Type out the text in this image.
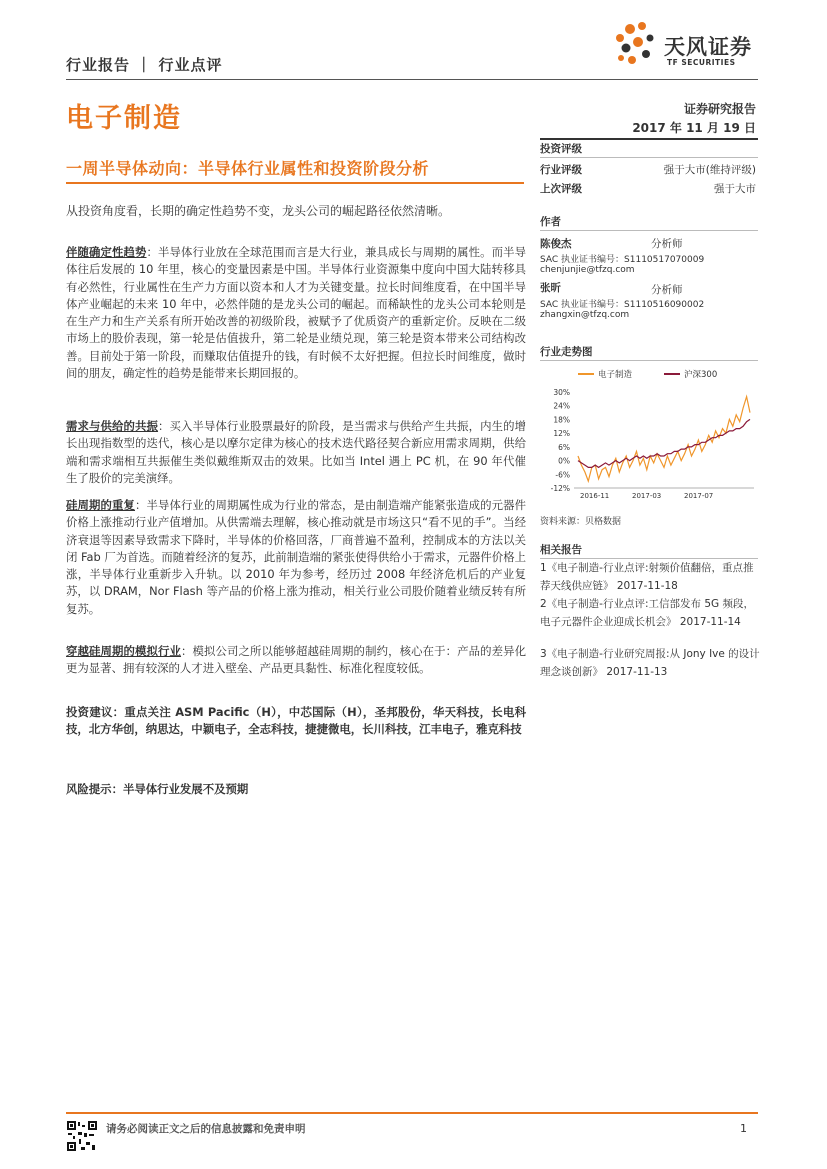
行业报告 ｜ 行业点评
天风证券
TF SECURITIES
电子制造	证券研究报告
2017 年 11 月 19 日
一周半导体动向：半导体行业属性和投资阶段分析
从投资角度看，长期的确定性趋势不变，龙头公司的崛起路径依然清晰。
伴随确定性趋势：半导体行业放在全球范围而言是大行业，兼具成长与周期的属性。而半导体往后发展的 10 年里，核心的变量因素是中国。半导体行业资源集中度向中国大陆转移具有必然性，行业属性在生产力方面以资本和人才为关键变量。拉长时间维度看，在中国半导体产业崛起的未来 10 年中，必然伴随的是龙头公司的崛起。而稀缺性的龙头公司本轮则是在生产力和生产关系有所开始改善的初级阶段，被赋予了优质资产的重新定价。反映在二级市场上的股价表现，第一轮是估值拔升，第二轮是业绩兑现，第三轮是资本带来公司结构改善。目前处于第一阶段，而赚取估值提升的钱，有时候不太好把握。但拉长时间维度，做时间的朋友，确定性的趋势是能带来长期回报的。
需求与供给的共振：买入半导体行业股票最好的阶段，是当需求与供给产生共振，内生的增长出现指数型的迭代，核心是以摩尔定律为核心的技术迭代路径契合新应用需求周期，供给端和需求端相互共振催生类似戴维斯双击的效果。比如当 Intel 遇上 PC 机，在 90 年代催生了股价的完美演绎。
硅周期的重复：半导体行业的周期属性成为行业的常态，是由制造端产能紧张造成的元器件价格上涨推动行业产值增加。从供需端去理解，核心推动就是市场这只“看不见的手”。当经济衰退等因素导致需求下降时，半导体的价格回落，厂商普遍不盈利，控制成本的方法以关闭 Fab 厂为首选。而随着经济的复苏，此前制造端的紧张使得供给小于需求，元器件价格上涨，半导体行业重新步入升轨。以 2010 年为参考，经历过 2008 年经济危机后的产业复苏，以 DRAM，Nor Flash 等产品的价格上涨为推动，相关行业公司股价随着业绩反转有所复苏。
穿越硅周期的模拟行业：模拟公司之所以能够超越硅周期的制约，核心在于：产品的差异化更为显著、拥有较深的人才进入壁垒、产品更具黏性、标准化程度较低。
投资建议：重点关注 ASM Pacific（H），中芯国际（H），圣邦股份，华天科技，长电科技，北方华创，纳思达，中颖电子，全志科技，捷捷微电，长川科技，江丰电子，雅克科技
风险提示：半导体行业发展不及预期
投资评级
行业评级	强于大市(维持评级)
上次评级	强于大市
作者
陈俊杰	分析师
SAC 执业证书编号：S1110517070009
chenjunjie@tfzq.com
张昕	分析师
SAC 执业证书编号：S1110516090002
zhangxin@tfzq.com
行业走势图
电子制造	沪深300
30%
24%
18%
12%
6%
0%
-6%
-12%
2016-11	2017-03	2017-07
资料来源：贝格数据
相关报告
1《电子制造-行业点评:射频价值翻倍，重点推荐天线供应链》 2017-11-18
2《电子制造-行业点评:工信部发布 5G 频段，电子元器件企业迎成长机会》 2017-11-14
3《电子制造-行业研究周报:从 Jony Ive 的设计理念谈创新》 2017-11-13
请务必阅读正文之后的信息披露和免责申明	1
